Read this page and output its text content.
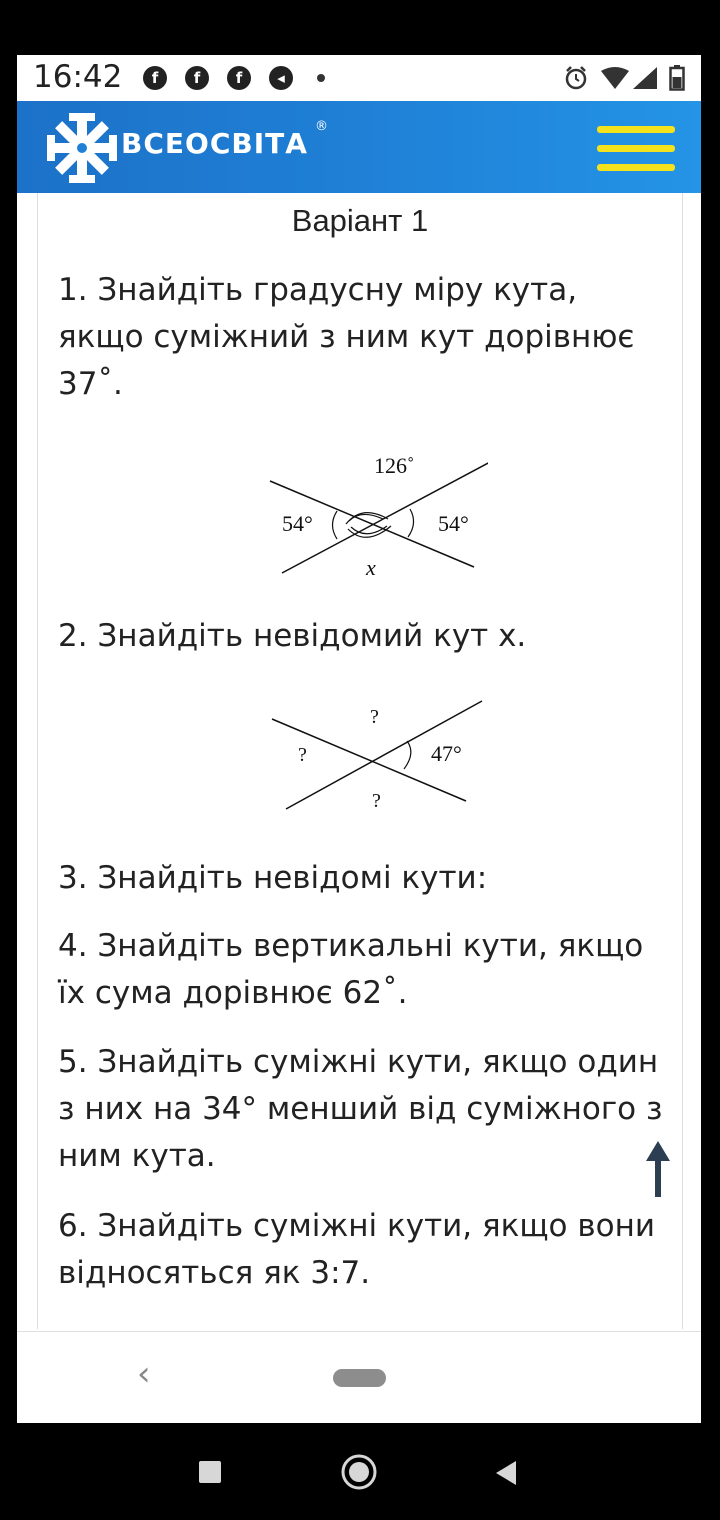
16:42	f	f	f	◂
ВСЕОСВІТА
®
Варіант 1
1. Знайдіть градусну міру кута, якщо суміжний з ним кут дорівнює 37˚.
126˚
54°	54°
x
2. Знайдіть невідомий кут x.
?
?	47°
?
3. Знайдіть невідомі кути:
4. Знайдіть вертикальні кути, якщо їх сума дорівнює 62˚.
5. Знайдіть суміжні кути, якщо один з них на 34° менший від суміжного з ним кута.
6. Знайдіть суміжні кути, якщо вони відносяться як 3:7.
‹
